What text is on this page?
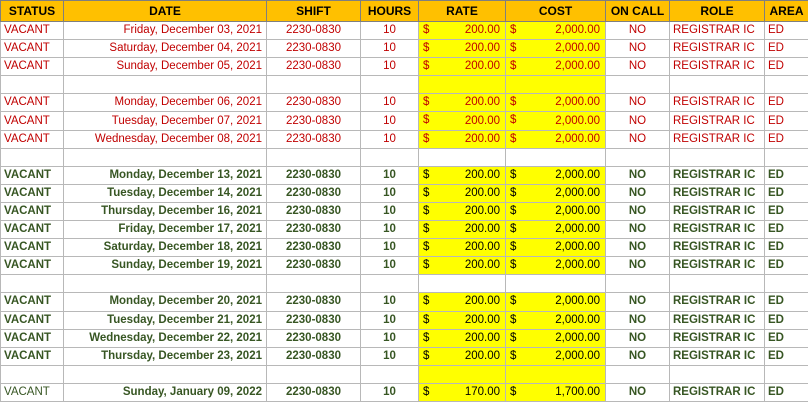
STATUS	DATE	SHIFT	HOURS	RATE	COST	ON CALL	ROLE	AREA
VACANT	Friday, December 03, 2021	2230-0830	10	$ 200.00	$ 2,000.00	NO	REGISTRAR IC	ED
VACANT	Saturday, December 04, 2021	2230-0830	10	$ 200.00	$ 2,000.00	NO	REGISTRAR IC	ED
VACANT	Sunday, December 05, 2021	2230-0830	10	$ 200.00	$ 2,000.00	NO	REGISTRAR IC	ED

VACANT	Monday, December 06, 2021	2230-0830	10	$ 200.00	$ 2,000.00	NO	REGISTRAR IC	ED
VACANT	Tuesday, December 07, 2021	2230-0830	10	$ 200.00	$ 2,000.00	NO	REGISTRAR IC	ED
VACANT	Wednesday, December 08, 2021	2230-0830	10	$ 200.00	$ 2,000.00	NO	REGISTRAR IC	ED

VACANT	Monday, December 13, 2021	2230-0830	10	$ 200.00	$ 2,000.00	NO	REGISTRAR IC	ED
VACANT	Tuesday, December 14, 2021	2230-0830	10	$ 200.00	$ 2,000.00	NO	REGISTRAR IC	ED
VACANT	Thursday, December 16, 2021	2230-0830	10	$ 200.00	$ 2,000.00	NO	REGISTRAR IC	ED
VACANT	Friday, December 17, 2021	2230-0830	10	$ 200.00	$ 2,000.00	NO	REGISTRAR IC	ED
VACANT	Saturday, December 18, 2021	2230-0830	10	$ 200.00	$ 2,000.00	NO	REGISTRAR IC	ED
VACANT	Sunday, December 19, 2021	2230-0830	10	$ 200.00	$ 2,000.00	NO	REGISTRAR IC	ED

VACANT	Monday, December 20, 2021	2230-0830	10	$ 200.00	$ 2,000.00	NO	REGISTRAR IC	ED
VACANT	Tuesday, December 21, 2021	2230-0830	10	$ 200.00	$ 2,000.00	NO	REGISTRAR IC	ED
VACANT	Wednesday, December 22, 2021	2230-0830	10	$ 200.00	$ 2,000.00	NO	REGISTRAR IC	ED
VACANT	Thursday, December 23, 2021	2230-0830	10	$ 200.00	$ 2,000.00	NO	REGISTRAR IC	ED

VACANT	Sunday, January 09, 2022	2230-0830	10	$ 170.00	$ 1,700.00	NO	REGISTRAR IC	ED
